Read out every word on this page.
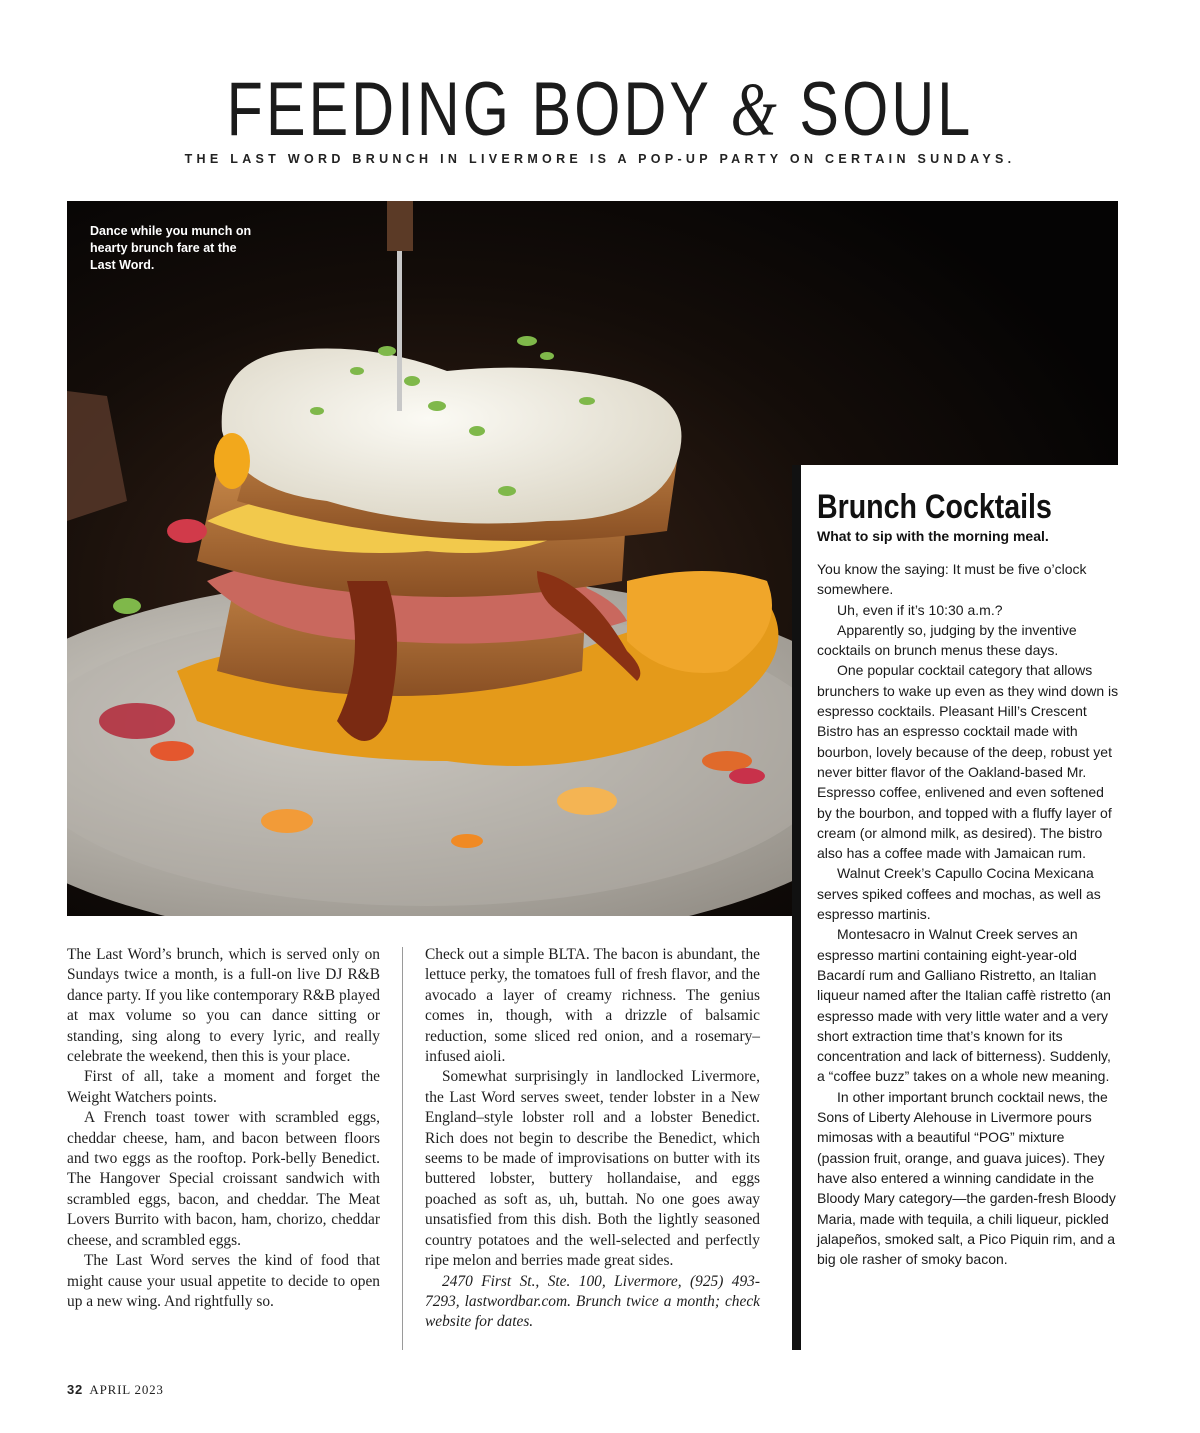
FEEDING BODY & SOUL
THE LAST WORD BRUNCH IN LIVERMORE IS A POP-UP PARTY ON CERTAIN SUNDAYS.
Dance while you munch on hearty brunch fare at the Last Word.
Brunch Cocktails
What to sip with the morning meal.

You know the saying: It must be five o’clock somewhere.

Uh, even if it’s 10:30 a.m.?

Apparently so, judging by the inventive cocktails on brunch menus these days.

One popular cocktail category that allows brunchers to wake up even as they wind down is espresso cocktails. Pleasant Hill’s Crescent Bistro has an espresso cocktail made with bourbon, lovely because of the deep, robust yet never bitter flavor of the Oakland-based Mr. Espresso coffee, enlivened and even softened by the bourbon, and topped with a fluffy layer of cream (or almond milk, as desired). The bistro also has a coffee made with Jamaican rum.

Walnut Creek’s Capullo Cocina Mexicana serves spiked coffees and mochas, as well as espresso martinis.

Montesacro in Walnut Creek serves an espresso martini containing eight-year-old Bacardí rum and Galliano Ristretto, an Italian liqueur named after the Italian caffè ristretto (an espresso made with very little water and a very short extraction time that’s known for its concentration and lack of bitterness). Suddenly, a “coffee buzz” takes on a whole new meaning.

In other important brunch cocktail news, the Sons of Liberty Alehouse in Livermore pours mimosas with a beautiful “POG” mixture (passion fruit, orange, and guava juices). They have also entered a winning candidate in the Bloody Mary category—the garden-fresh Bloody Maria, made with tequila, a chili liqueur, pickled jalapeños, smoked salt, a Pico Piquin rim, and a big ole rasher of smoky bacon.

The Last Word’s brunch, which is served only on Sundays twice a month, is a full-on live DJ R&B dance party. If you like contemporary R&B played at max volume so you can dance sitting or standing, sing along to every lyric, and really celebrate the weekend, then this is your place.

First of all, take a moment and forget the Weight Watchers points.

A French toast tower with scrambled eggs, cheddar cheese, ham, and bacon between floors and two eggs as the rooftop. Pork-belly Benedict. The Hangover Special croissant sandwich with scrambled eggs, bacon, and cheddar. The Meat Lovers Burrito with bacon, ham, chorizo, cheddar cheese, and scrambled eggs.

The Last Word serves the kind of food that might cause your usual appetite to decide to open up a new wing. And rightfully so.

Check out a simple BLTA. The bacon is abundant, the lettuce perky, the tomatoes full of fresh flavor, and the avocado a layer of creamy richness. The genius comes in, though, with a drizzle of balsamic reduction, some sliced red onion, and a rosemary–infused aioli.

Somewhat surprisingly in landlocked Livermore, the Last Word serves sweet, tender lobster in a New England–style lobster roll and a lobster Benedict. Rich does not begin to describe the Benedict, which seems to be made of improvisations on butter with its buttered lobster, buttery hollandaise, and eggs poached as soft as, uh, buttah. No one goes away unsatisfied from this dish. Both the lightly seasoned country potatoes and the well-selected and perfectly ripe melon and berries made great sides.

2470 First St., Ste. 100, Livermore, (925) 493-7293, lastwordbar.com. Brunch twice a month; check website for dates.

32 APRIL 2023
